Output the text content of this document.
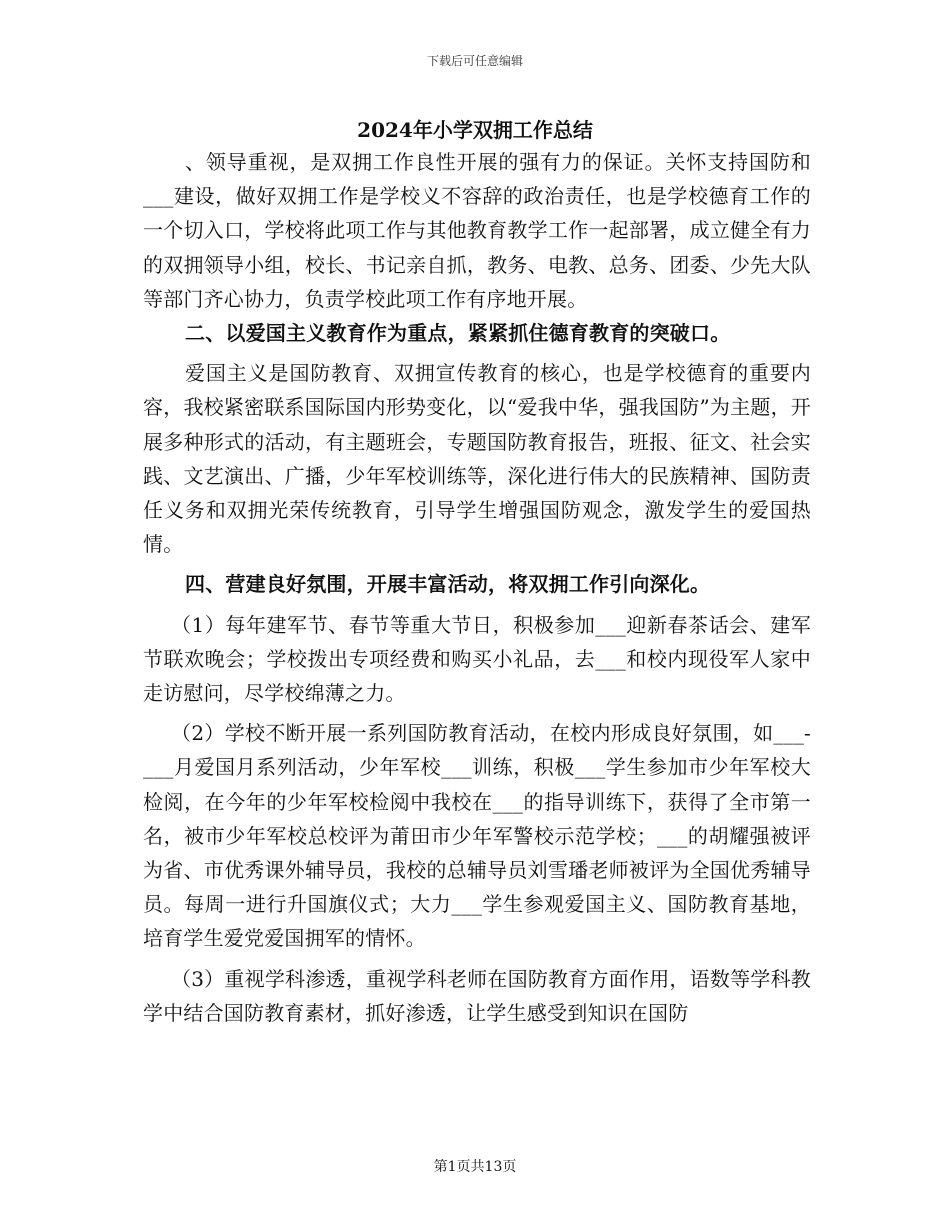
下载后可任意编辑
2024年小学双拥工作总结

、领导重视，是双拥工作良性开展的强有力的保证。关怀支持国防和___建设，做好双拥工作是学校义不容辞的政治责任，也是学校德育工作的一个切入口，学校将此项工作与其他教育教学工作一起部署，成立健全有力的双拥领导小组，校长、书记亲自抓，教务、电教、总务、团委、少先大队等部门齐心协力，负责学校此项工作有序地开展。

二、以爱国主义教育作为重点，紧紧抓住德育教育的突破口。

爱国主义是国防教育、双拥宣传教育的核心，也是学校德育的重要内容，我校紧密联系国际国内形势变化，以“爱我中华，强我国防”为主题，开展多种形式的活动，有主题班会，专题国防教育报告，班报、征文、社会实践、文艺演出、广播，少年军校训练等，深化进行伟大的民族精神、国防责任义务和双拥光荣传统教育，引导学生增强国防观念，激发学生的爱国热情。

四、营建良好氛围，开展丰富活动，将双拥工作引向深化。

（1）每年建军节、春节等重大节日，积极参加___迎新春茶话会、建军节联欢晚会；学校拨出专项经费和购买小礼品，去___和校内现役军人家中走访慰问，尽学校绵薄之力。

（2）学校不断开展一系列国防教育活动，在校内形成良好氛围，如___-___月爱国月系列活动，少年军校___训练，积极___学生参加市少年军校大检阅，在今年的少年军校检阅中我校在___的指导训练下，获得了全市第一名，被市少年军校总校评为莆田市少年军警校示范学校；___的胡耀强被评为省、市优秀课外辅导员，我校的总辅导员刘雪璠老师被评为全国优秀辅导员。每周一进行升国旗仪式；大力___学生参观爱国主义、国防教育基地，培育学生爱党爱国拥军的情怀。

（3）重视学科渗透，重视学科老师在国防教育方面作用，语数等学科教学中结合国防教育素材，抓好渗透，让学生感受到知识在国防

第1页共13页
